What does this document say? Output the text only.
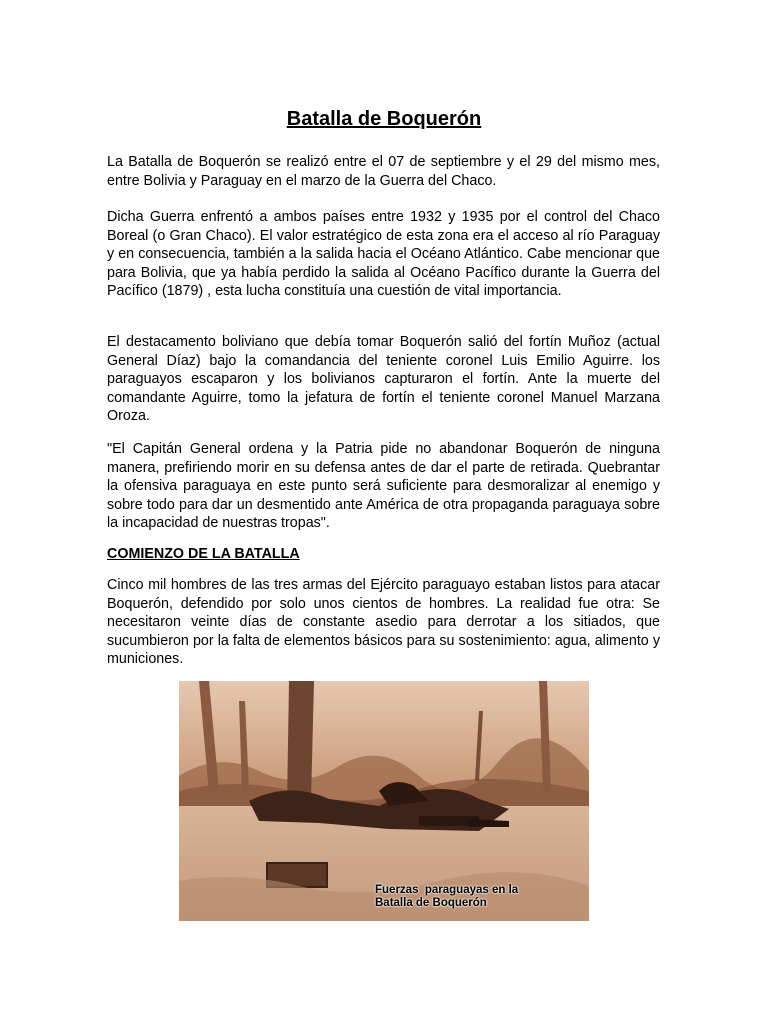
Batalla de Boquerón

La Batalla de Boquerón se realizó entre el 07 de septiembre y el 29 del mismo mes, entre Bolivia y Paraguay en el marzo de la Guerra del Chaco.

Dicha Guerra enfrentó a ambos países entre 1932 y 1935 por el control del Chaco Boreal (o Gran Chaco). El valor estratégico de esta zona era el acceso al río Paraguay y en consecuencia, también a la salida hacia el Océano Atlántico. Cabe mencionar que para Bolivia, que ya había perdido la salida al Océano Pacífico durante la Guerra del Pacífico (1879) , esta lucha constituía una cuestión de vital importancia.

El destacamento boliviano que debía tomar Boquerón salió del fortín Muñoz (actual General Díaz) bajo la comandancia del teniente coronel Luis Emilio Aguirre. los paraguayos escaparon y los bolivianos capturaron el fortín. Ante la muerte del comandante Aguirre, tomo la jefatura de fortín el teniente coronel Manuel Marzana Oroza.

"El Capitán General ordena y la Patria pide no abandonar Boquerón de ninguna manera, prefiriendo morir en su defensa antes de dar el parte de retirada. Quebrantar la ofensiva paraguaya en este punto será suficiente para desmoralizar al enemigo y sobre todo para dar un desmentido ante América de otra propaganda paraguaya sobre la incapacidad de nuestras tropas".

COMIENZO DE LA BATALLA

Cinco mil hombres de las tres armas del Ejército paraguayo estaban listos para atacar Boquerón, defendido por solo unos cientos de hombres. La realidad fue otra: Se necesitaron veinte días de constante asedio para derrotar a los sitiados, que sucumbieron por la falta de elementos básicos para su sostenimiento: agua, alimento y municiones.

Fuerzas  paraguayas en la
Batalla de Boquerón
